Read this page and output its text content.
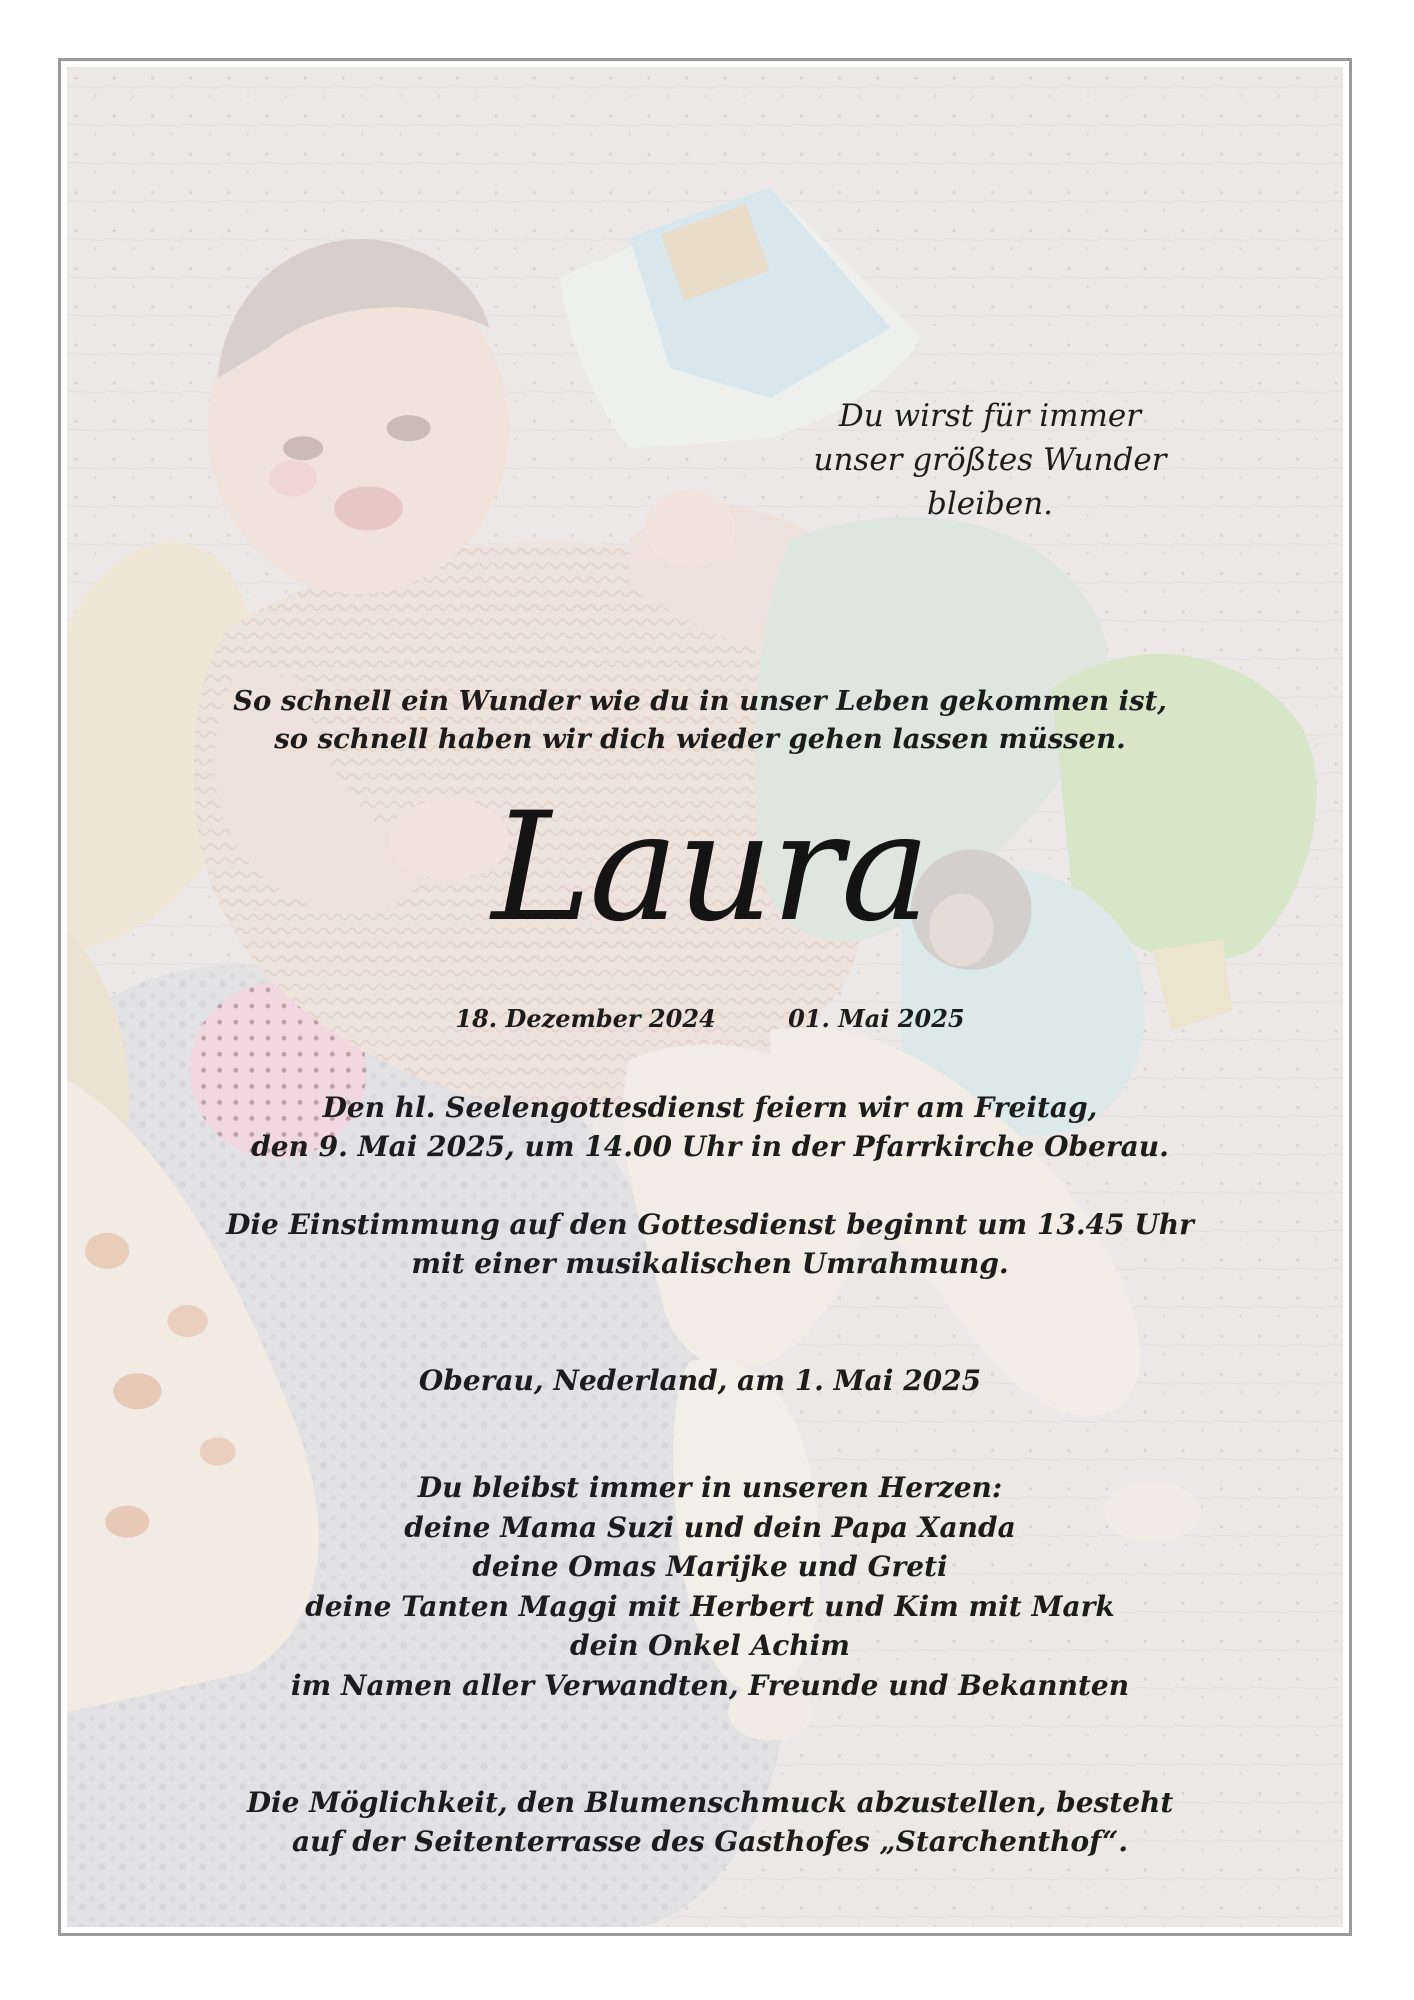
Du wirst für immer
unser größtes Wunder
bleiben.
So schnell ein Wunder wie du in unser Leben gekommen ist,
so schnell haben wir dich wieder gehen lassen müssen.
Laura
18. Dezember 2024	01. Mai 2025
Den hl. Seelengottesdienst feiern wir am Freitag,
den 9. Mai 2025, um 14.00 Uhr in der Pfarrkirche Oberau.
Die Einstimmung auf den Gottesdienst beginnt um 13.45 Uhr
mit einer musikalischen Umrahmung.
Oberau, Nederland, am 1. Mai 2025
Du bleibst immer in unseren Herzen:
deine Mama Suzi und dein Papa Xanda
deine Omas Marijke und Greti
deine Tanten Maggi mit Herbert und Kim mit Mark
dein Onkel Achim
im Namen aller Verwandten, Freunde und Bekannten
Die Möglichkeit, den Blumenschmuck abzustellen, besteht
auf der Seitenterrasse des Gasthofes „Starchenthof“.
